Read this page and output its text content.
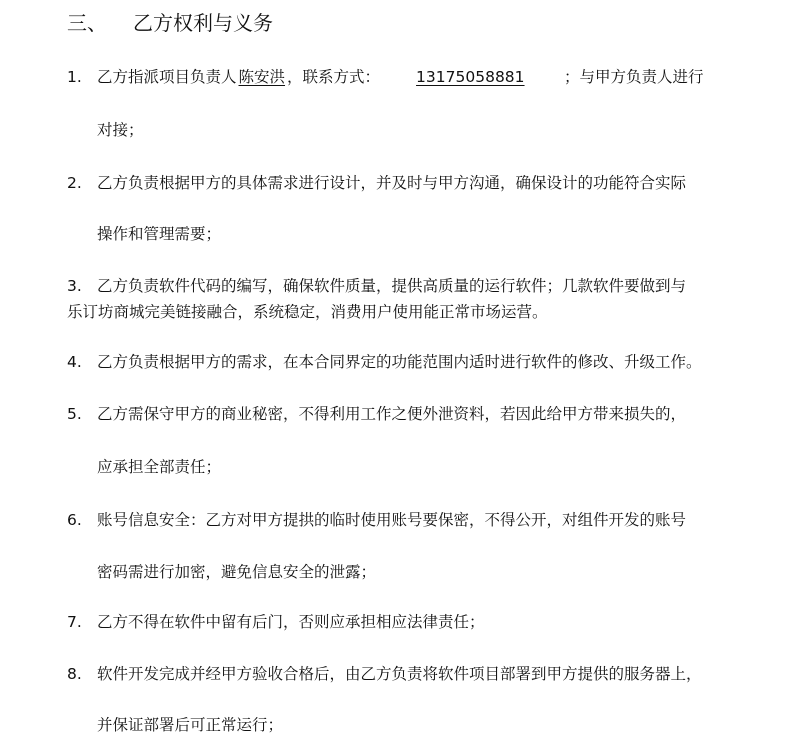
三、 乙方权利与义务
1. 乙方指派项目负责人 陈安洪 ，联系方式： 13175058881	；与甲方负责人进行
对接；
2. 乙方负责根据甲方的具体需求进行设计，并及时与甲方沟通，确保设计的功能符合实际
操作和管理需要；
3. 乙方负责软件代码的编写，确保软件质量，提供高质量的运行软件；几款软件要做到与
乐订坊商城完美链接融合，系统稳定，消费用户使用能正常市场运营。
4. 乙方负责根据甲方的需求，在本合同界定的功能范围内适时进行软件的修改、升级工作。
5. 乙方需保守甲方的商业秘密，不得利用工作之便外泄资料，若因此给甲方带来损失的，
应承担全部责任；
6. 账号信息安全：乙方对甲方提拱的临时使用账号要保密，不得公开，对组件开发的账号
密码需进行加密，避免信息安全的泄露；
7. 乙方不得在软件中留有后门，否则应承担相应法律责任；
8. 软件开发完成并经甲方验收合格后，由乙方负责将软件项目部署到甲方提供的服务器上，
并保证部署后可正常运行；
